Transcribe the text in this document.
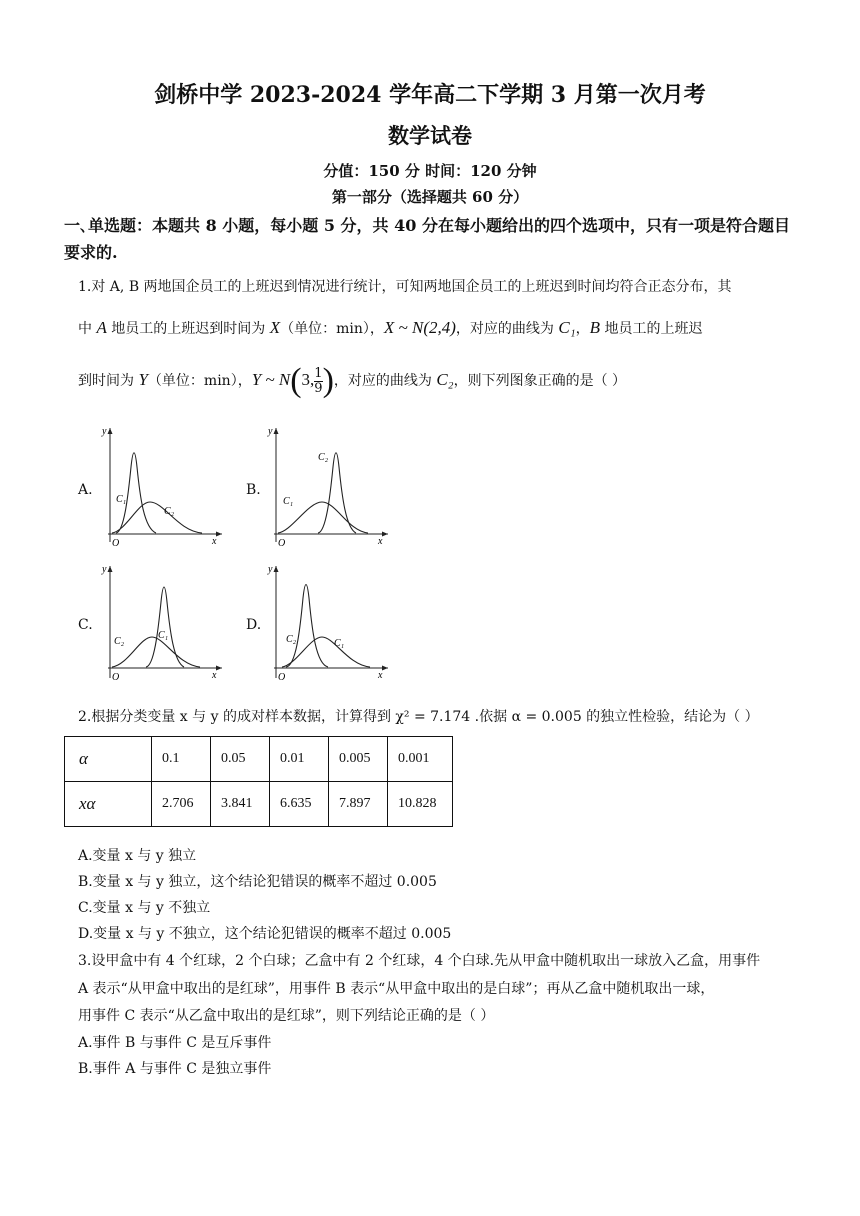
剑桥中学 2023-2024 学年高二下学期 3 月第一次月考
数学试卷
分值：150 分 时间：120 分钟
第一部分（选择题共 60 分）
一､单选题：本题共 8 小题，每小题 5 分，共 40 分在每小题给出的四个选项中，只有一项是符合题目要求的.
1.对 A, B 两地国企员工的上班迟到情况进行统计，可知两地国企员工的上班迟到时间均符合正态分布，其
中 A 地员工的上班迟到时间为 X（单位：min），X ~ N(2,4)，对应的曲线为 C₁，B 地员工的上班迟
到时间为 Y（单位：min），Y ~ N(3, $\frac{1}{9}$ )，对应的曲线为 C₂，则下列图象正确的是（ ）
A.	B.
C.	D.
y
x
O
C₁
C₂
y
x
O
C₁
C₂
y
x
O
C₂
C₁
y
x
O
C₂	C₁
2.根据分类变量 x 与 y 的成对样本数据，计算得到 χ² = 7.174 .依据 α = 0.005 的独立性检验，结论为（ ）
α	0.1	0.05	0.01	0.005	0.001
xα	2.706	3.841	6.635	7.897	10.828
A.变量 x 与 y 独立
B.变量 x 与 y 独立，这个结论犯错误的概率不超过 0.005
C.变量 x 与 y 不独立
D.变量 x 与 y 不独立，这个结论犯错误的概率不超过 0.005
3.设甲盒中有 4 个红球，2 个白球；乙盒中有 2 个红球，4 个白球.先从甲盒中随机取出一球放入乙盒，用事件
A 表示“从甲盒中取出的是红球”，用事件 B 表示“从甲盒中取出的是白球”；再从乙盒中随机取出一球，
用事件 C 表示“从乙盒中取出的是红球”，则下列结论正确的是（ ）
A.事件 B 与事件 C 是互斥事件
B.事件 A 与事件 C 是独立事件
